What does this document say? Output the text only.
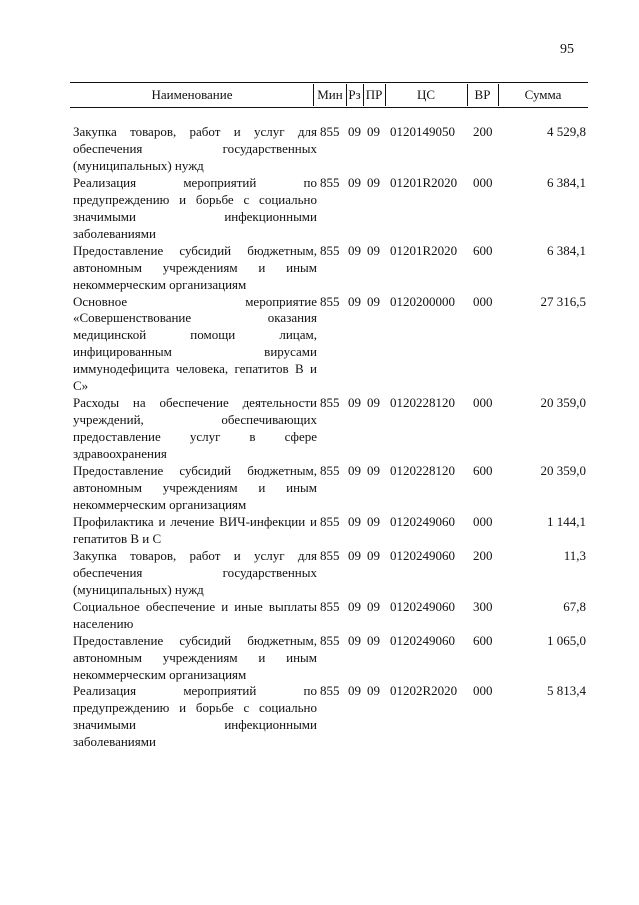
95
Наименование	Мин Рз ПР	ЦС	ВР	Сумма
Закупка товаров, работ и услуг для обеспечения государственных (муниципальных) нужд
855 09 09 0120149050 200	4 529,8
Реализация мероприятий по предупреждению и борьбе с социально значимыми инфекционными заболеваниями
855 09 09 01201R2020 000	6 384,1
Предоставление субсидий бюджетным, автономным учреждениям и иным некоммерческим организациям
855 09 09 01201R2020 600	6 384,1
Основное мероприятие «Совершенствование оказания медицинской помощи лицам, инфицированным вирусами иммунодефицита человека, гепатитов B и C»
855 09 09 0120200000 000	27 316,5
Расходы на обеспечение деятельности учреждений, обеспечивающих предоставление услуг в сфере здравоохранения
855 09 09 0120228120 000	20 359,0
Предоставление субсидий бюджетным, автономным учреждениям и иным некоммерческим организациям
855 09 09 0120228120 600	20 359,0
Профилактика и лечение ВИЧ-инфекции и гепатитов B и C
855 09 09 0120249060 000	1 144,1
Закупка товаров, работ и услуг для обеспечения государственных (муниципальных) нужд
855 09 09 0120249060 200	11,3
Социальное обеспечение и иные выплаты населению
855 09 09 0120249060 300	67,8
Предоставление субсидий бюджетным, автономным учреждениям и иным некоммерческим организациям
855 09 09 0120249060 600	1 065,0
Реализация мероприятий по предупреждению и борьбе с социально значимыми инфекционными заболеваниями
855 09 09 01202R2020 000	5 813,4
